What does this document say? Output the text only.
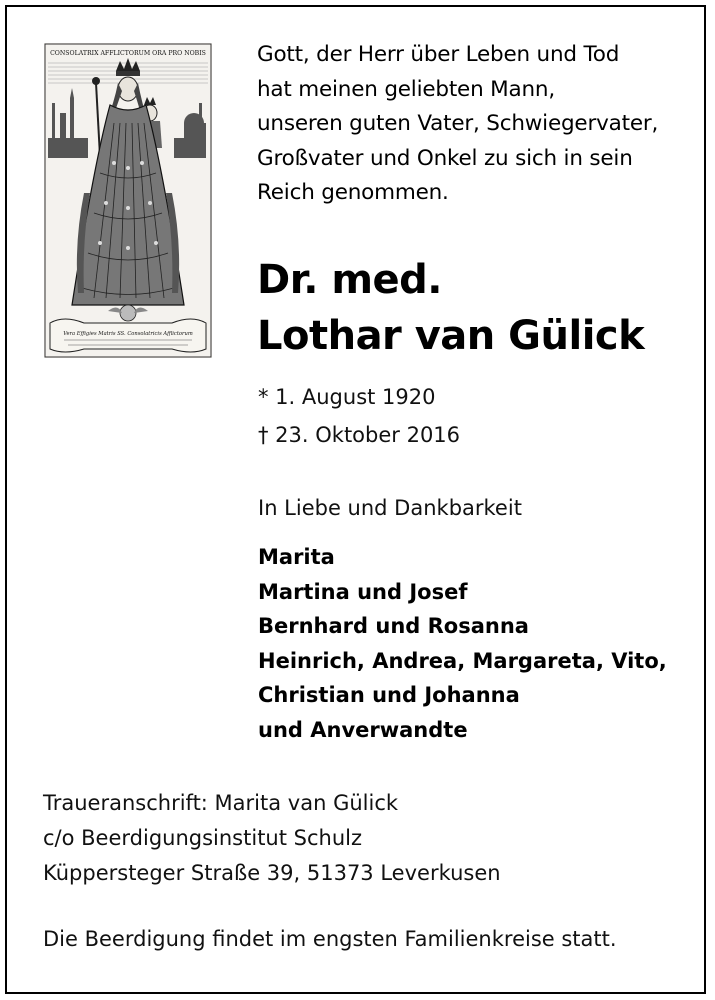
CONSOLATRIX AFFLICTORUM ORA PRO NOBIS
Vera Effigies Matris SS. Consolatricis Afflictorum
Gott, der Herr über Leben und Tod
hat meinen geliebten Mann,
unseren guten Vater, Schwiegervater,
Großvater und Onkel zu sich in sein
Reich genommen.
Dr. med.
Lothar van Gülick
* 1. August 1920
† 23. Oktober 2016
In Liebe und Dankbarkeit
Marita
Martina und Josef
Bernhard und Rosanna
Heinrich, Andrea, Margareta, Vito,
Christian und Johanna
und Anverwandte
Traueranschrift: Marita van Gülick
c/o Beerdigungsinstitut Schulz
Küppersteger Straße 39, 51373 Leverkusen
Die Beerdigung findet im engsten Familienkreise statt.
